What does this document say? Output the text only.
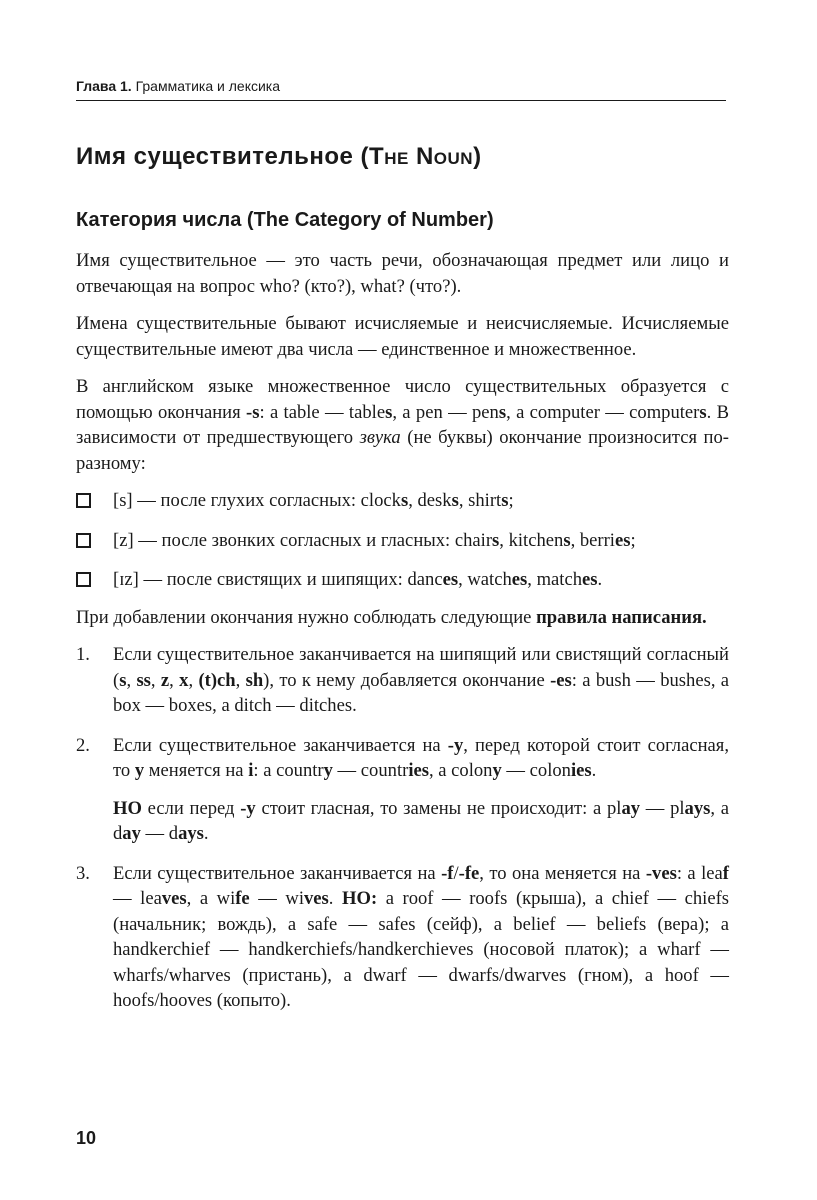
Глава 1. Грамматика и лексика
Имя существительное (The Noun)
Категория числа (The Category of Number)

Имя существительное — это часть речи, обозначающая предмет или лицо и отвечающая на вопрос who? (кто?), what? (что?).

Имена существительные бывают исчисляемые и неисчисляемые. Исчисляемые существительные имеют два числа — единственное и множественное.

В английском языке множественное число существительных образуется с помощью окончания -s: a table — tables, a pen — pens, a computer — computers. В зависимости от предшествующего звука (не буквы) окончание произносится по-разному:

[s] — после глухих согласных: clocks, desks, shirts;
[z] — после звонких согласных и гласных: chairs, kitchens, berries;
[ɪz] — после свистящих и шипящих: dances, watches, matches.

При добавлении окончания нужно соблюдать следующие правила написания.

1. Если существительное заканчивается на шипящий или свистящий согласный (s, ss, z, x, (t)ch, sh), то к нему добавляется окончание -es: a bush — bushes, a box — boxes, a ditch — ditches.

2. Если существительное заканчивается на -y, перед которой стоит согласная, то y меняется на i: a country — countries, a colony — colonies.

НО если перед -y стоит гласная, то замены не происходит: a play — plays, a day — days.

3. Если существительное заканчивается на -f/-fe, то она меняется на -ves: a leaf — leaves, a wife — wives. НО: a roof — roofs (крыша), a chief — chiefs (начальник; вождь), a safe — safes (сейф), a belief — beliefs (вера); a handkerchief — handkerchiefs/handkerchieves (носовой платок); a wharf — wharfs/wharves (пристань), a dwarf — dwarfs/dwarves (гном), a hoof — hoofs/hooves (копыто).

10
